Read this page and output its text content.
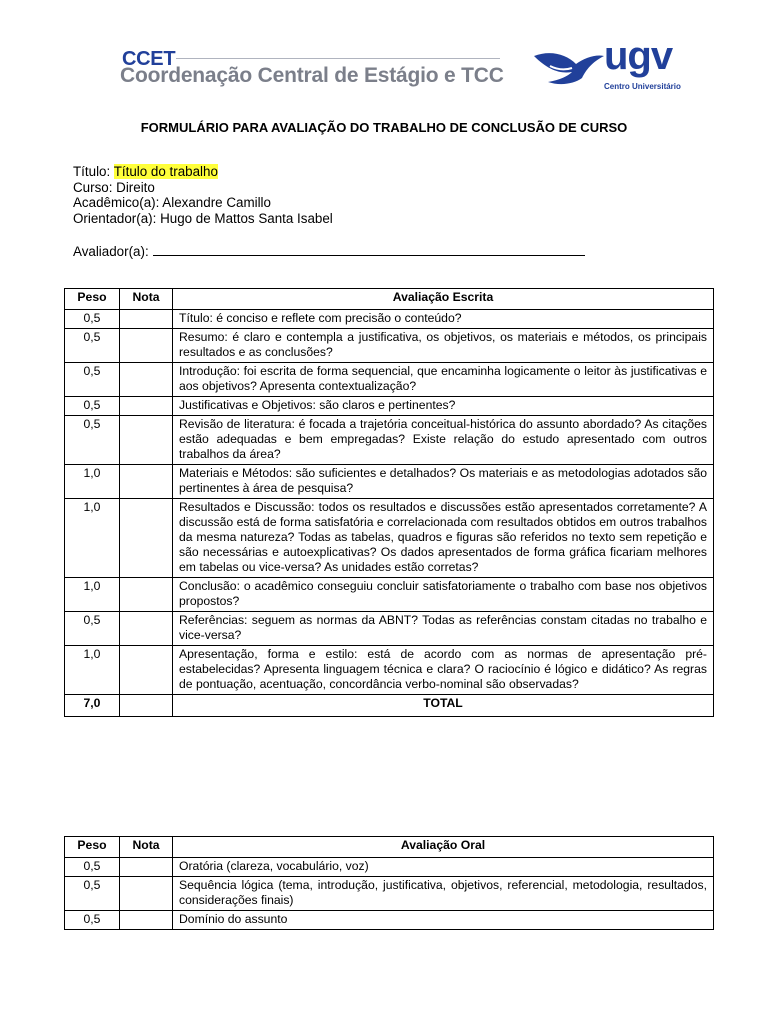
CCET
Coordenação Central de Estágio e TCC	ugv
Centro Universitário
FORMULÁRIO PARA AVALIAÇÃO DO TRABALHO DE CONCLUSÃO DE CURSO
Título: Título do trabalho
Curso: Direito
Acadêmico(a): Alexandre Camillo
Orientador(a): Hugo de Mattos Santa Isabel
Avaliador(a):
Peso	Nota	Avaliação Escrita
0,5		Título: é conciso e reflete com precisão o conteúdo?
0,5		Resumo: é claro e contempla a justificativa, os objetivos, os materiais e métodos, os principais resultados e as conclusões?
0,5		Introdução: foi escrita de forma sequencial, que encaminha logicamente o leitor às justificativas e aos objetivos? Apresenta contextualização?
0,5		Justificativas e Objetivos: são claros e pertinentes?
0,5		Revisão de literatura: é focada a trajetória conceitual-histórica do assunto abordado? As citações estão adequadas e bem empregadas? Existe relação do estudo apresentado com outros trabalhos da área?
1,0		Materiais e Métodos: são suficientes e detalhados? Os materiais e as metodologias adotados são pertinentes à área de pesquisa?
1,0		Resultados e Discussão: todos os resultados e discussões estão apresentados corretamente? A discussão está de forma satisfatória e correlacionada com resultados obtidos em outros trabalhos da mesma natureza? Todas as tabelas, quadros e figuras são referidos no texto sem repetição e são necessárias e autoexplicativas? Os dados apresentados de forma gráfica ficariam melhores em tabelas ou vice-versa? As unidades estão corretas?
1,0		Conclusão: o acadêmico conseguiu concluir satisfatoriamente o trabalho com base nos objetivos propostos?
0,5		Referências: seguem as normas da ABNT? Todas as referências constam citadas no trabalho e vice-versa?
1,0		Apresentação, forma e estilo: está de acordo com as normas de apresentação pré-estabelecidas? Apresenta linguagem técnica e clara? O raciocínio é lógico e didático? As regras de pontuação, acentuação, concordância verbo-nominal são observadas?
7,0		TOTAL
Peso	Nota	Avaliação Oral
0,5		Oratória (clareza, vocabulário, voz)
0,5		Sequência lógica (tema, introdução, justificativa, objetivos, referencial, metodologia, resultados, considerações finais)
0,5		Domínio do assunto
